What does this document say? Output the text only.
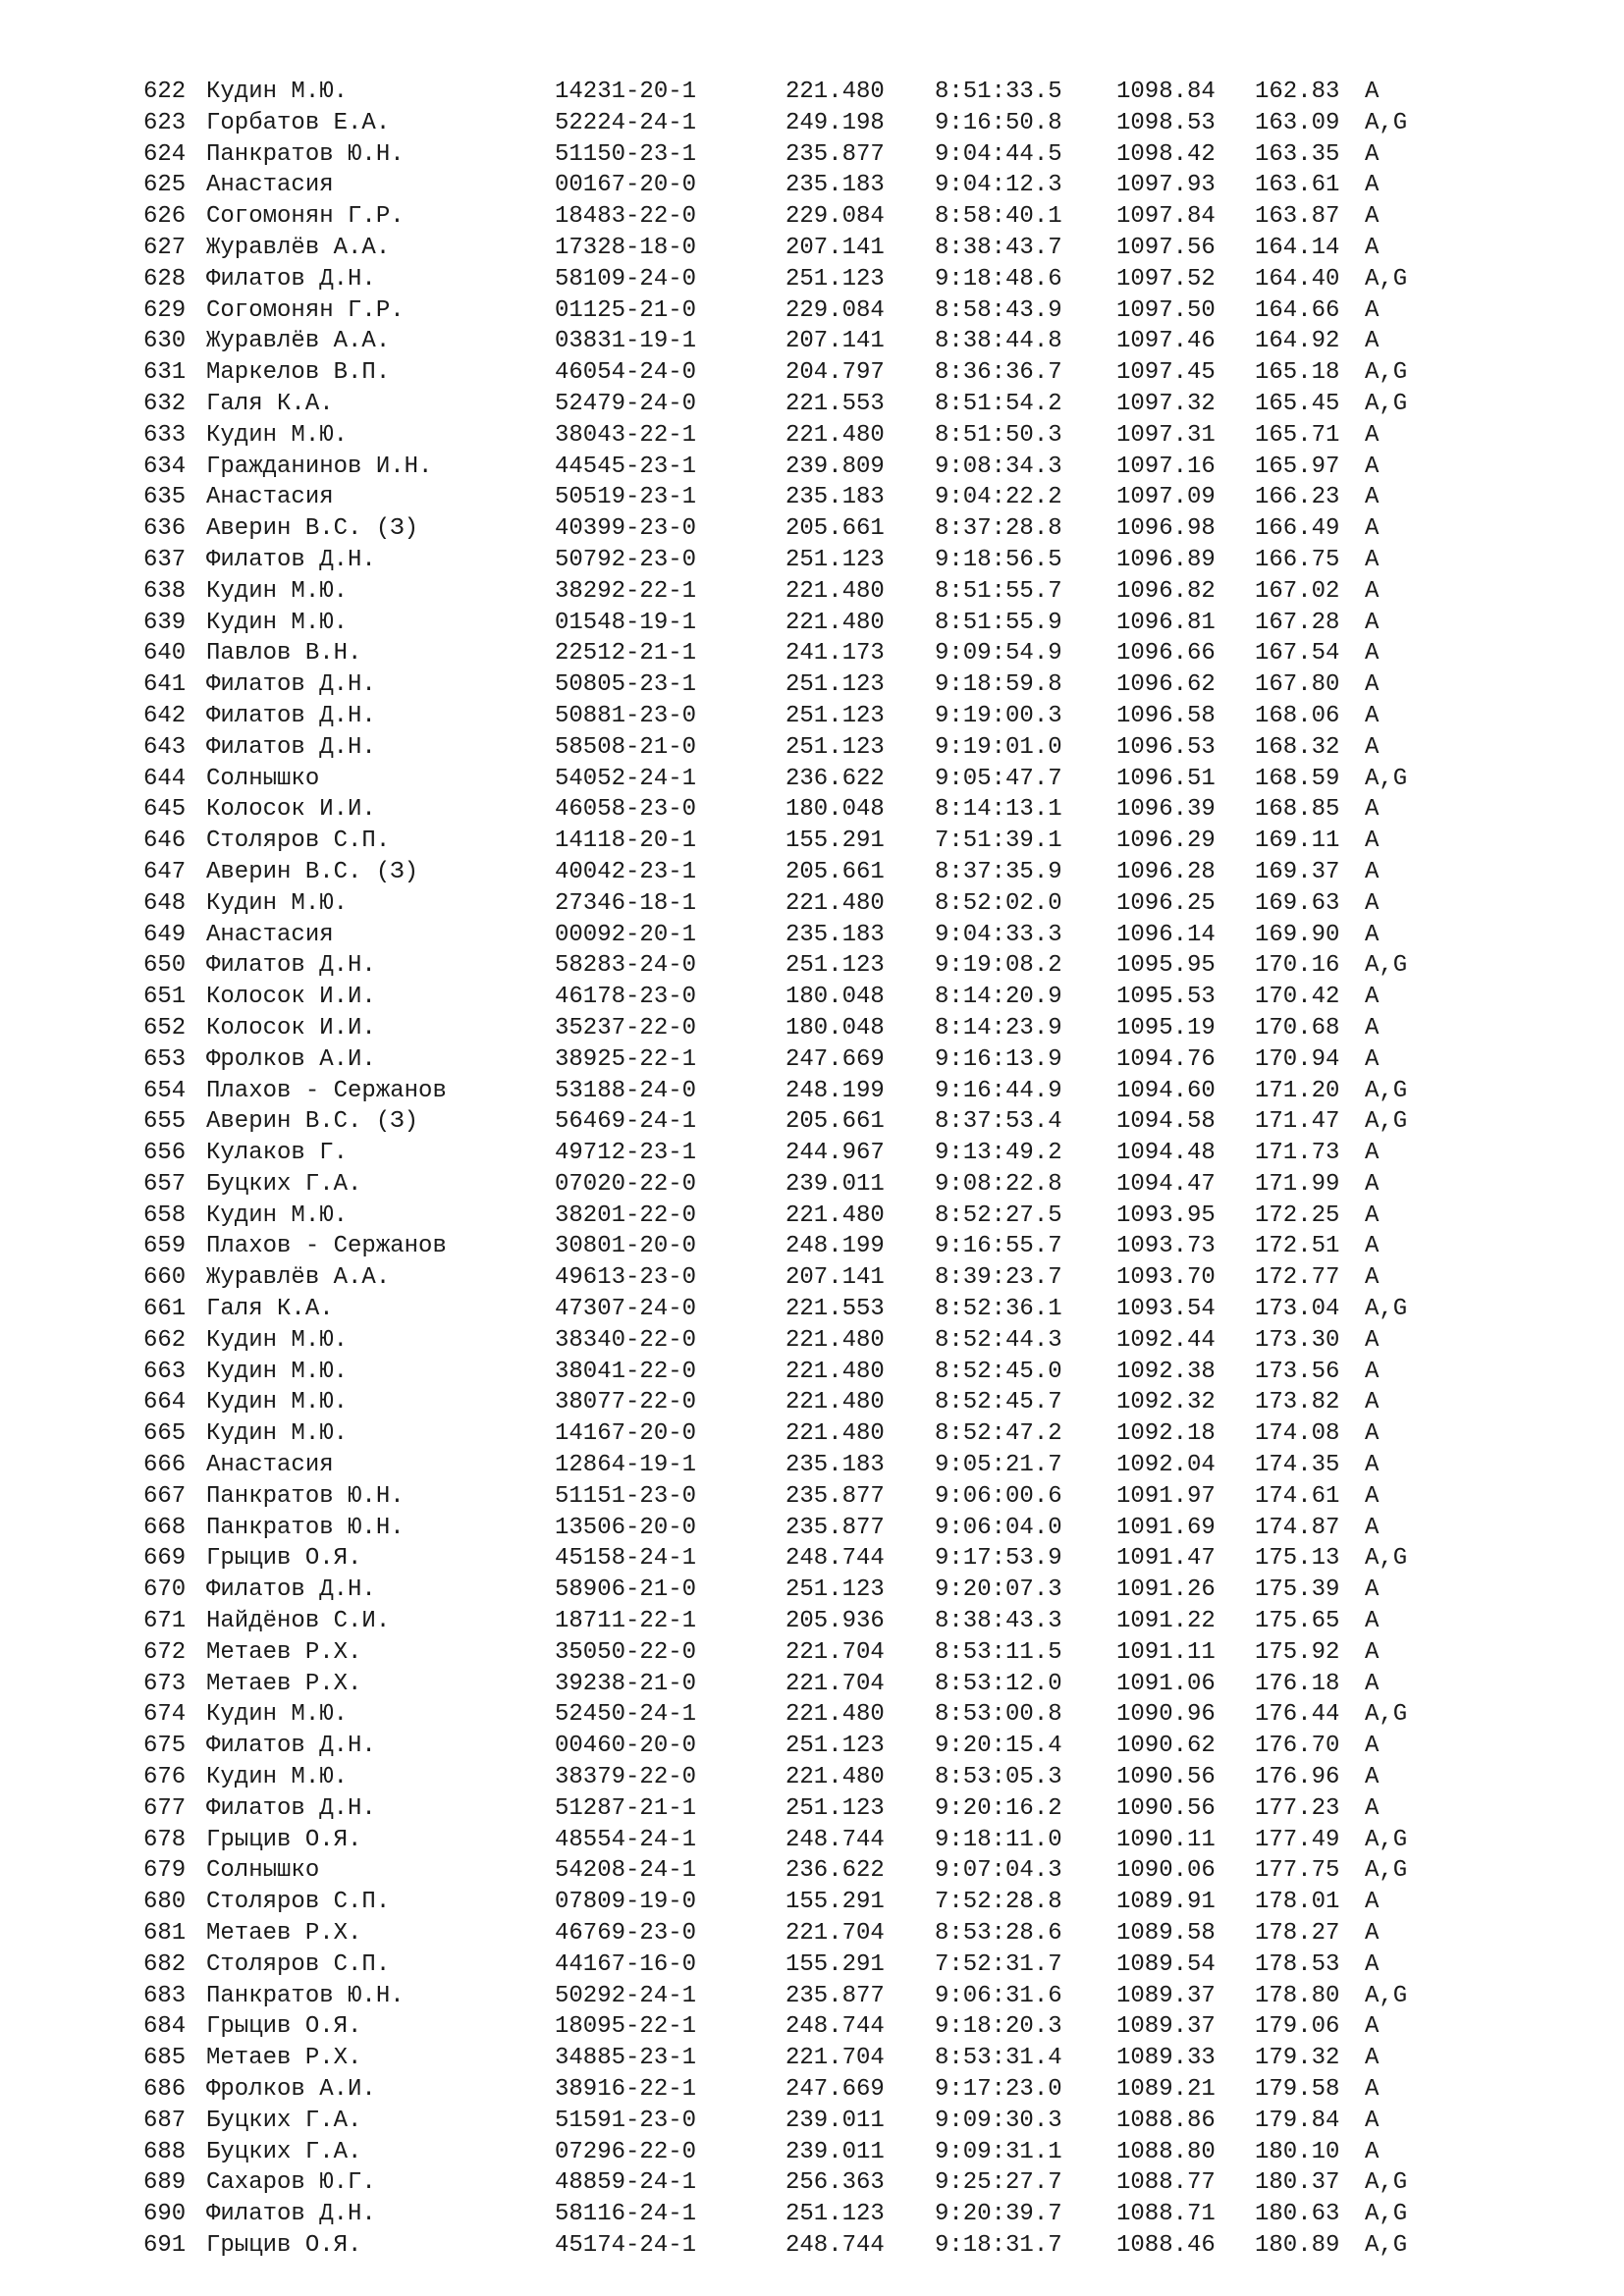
622 Кудин М.Ю.	14231-20-1	221.480 8:51:33.5 1098.84 162.83 A
623 Горбатов Е.А.	52224-24-1	249.198 9:16:50.8 1098.53 163.09 A,G
624 Панкратов Ю.Н.	51150-23-1	235.877 9:04:44.5 1098.42 163.35 A
625 Анастасия	00167-20-0	235.183 9:04:12.3 1097.93 163.61 A
626 Согомонян Г.Р.	18483-22-0	229.084 8:58:40.1 1097.84 163.87 A
627 Журавлёв А.А.	17328-18-0	207.141 8:38:43.7 1097.56 164.14 A
628 Филатов Д.Н.	58109-24-0	251.123 9:18:48.6 1097.52 164.40 A,G
629 Согомонян Г.Р.	01125-21-0	229.084 8:58:43.9 1097.50 164.66 A
630 Журавлёв А.А.	03831-19-1	207.141 8:38:44.8 1097.46 164.92 A
631 Маркелов В.П.	46054-24-0	204.797 8:36:36.7 1097.45 165.18 A,G
632 Галя К.А.	52479-24-0	221.553 8:51:54.2 1097.32 165.45 A,G
633 Кудин М.Ю.	38043-22-1	221.480 8:51:50.3 1097.31 165.71 A
634 Гражданинов И.Н.	44545-23-1	239.809 9:08:34.3 1097.16 165.97 A
635 Анастасия	50519-23-1	235.183 9:04:22.2 1097.09 166.23 A
636 Аверин В.С. (З)	40399-23-0	205.661 8:37:28.8 1096.98 166.49 A
637 Филатов Д.Н.	50792-23-0	251.123 9:18:56.5 1096.89 166.75 A
638 Кудин М.Ю.	38292-22-1	221.480 8:51:55.7 1096.82 167.02 A
639 Кудин М.Ю.	01548-19-1	221.480 8:51:55.9 1096.81 167.28 A
640 Павлов В.Н.	22512-21-1	241.173 9:09:54.9 1096.66 167.54 A
641 Филатов Д.Н.	50805-23-1	251.123 9:18:59.8 1096.62 167.80 A
642 Филатов Д.Н.	50881-23-0	251.123 9:19:00.3 1096.58 168.06 A
643 Филатов Д.Н.	58508-21-0	251.123 9:19:01.0 1096.53 168.32 A
644 Солнышко	54052-24-1	236.622 9:05:47.7 1096.51 168.59 A,G
645 Колосок И.И.	46058-23-0	180.048 8:14:13.1 1096.39 168.85 A
646 Столяров С.П.	14118-20-1	155.291 7:51:39.1 1096.29 169.11 A
647 Аверин В.С. (З)	40042-23-1	205.661 8:37:35.9 1096.28 169.37 A
648 Кудин М.Ю.	27346-18-1	221.480 8:52:02.0 1096.25 169.63 A
649 Анастасия	00092-20-1	235.183 9:04:33.3 1096.14 169.90 A
650 Филатов Д.Н.	58283-24-0	251.123 9:19:08.2 1095.95 170.16 A,G
651 Колосок И.И.	46178-23-0	180.048 8:14:20.9 1095.53 170.42 A
652 Колосок И.И.	35237-22-0	180.048 8:14:23.9 1095.19 170.68 A
653 Фролков А.И.	38925-22-1	247.669 9:16:13.9 1094.76 170.94 A
654 Плахов - Сержанов	53188-24-0	248.199 9:16:44.9 1094.60 171.20 A,G
655 Аверин В.С. (З)	56469-24-1	205.661 8:37:53.4 1094.58 171.47 A,G
656 Кулаков Г.	49712-23-1	244.967 9:13:49.2 1094.48 171.73 A
657 Буцких Г.А.	07020-22-0	239.011 9:08:22.8 1094.47 171.99 A
658 Кудин М.Ю.	38201-22-0	221.480 8:52:27.5 1093.95 172.25 A
659 Плахов - Сержанов	30801-20-0	248.199 9:16:55.7 1093.73 172.51 A
660 Журавлёв А.А.	49613-23-0	207.141 8:39:23.7 1093.70 172.77 A
661 Галя К.А.	47307-24-0	221.553 8:52:36.1 1093.54 173.04 A,G
662 Кудин М.Ю.	38340-22-0	221.480 8:52:44.3 1092.44 173.30 A
663 Кудин М.Ю.	38041-22-0	221.480 8:52:45.0 1092.38 173.56 A
664 Кудин М.Ю.	38077-22-0	221.480 8:52:45.7 1092.32 173.82 A
665 Кудин М.Ю.	14167-20-0	221.480 8:52:47.2 1092.18 174.08 A
666 Анастасия	12864-19-1	235.183 9:05:21.7 1092.04 174.35 A
667 Панкратов Ю.Н.	51151-23-0	235.877 9:06:00.6 1091.97 174.61 A
668 Панкратов Ю.Н.	13506-20-0	235.877 9:06:04.0 1091.69 174.87 A
669 Грыцив О.Я.	45158-24-1	248.744 9:17:53.9 1091.47 175.13 A,G
670 Филатов Д.Н.	58906-21-0	251.123 9:20:07.3 1091.26 175.39 A
671 Найдёнов С.И.	18711-22-1	205.936 8:38:43.3 1091.22 175.65 A
672 Метаев Р.Х.	35050-22-0	221.704 8:53:11.5 1091.11 175.92 A
673 Метаев Р.Х.	39238-21-0	221.704 8:53:12.0 1091.06 176.18 A
674 Кудин М.Ю.	52450-24-1	221.480 8:53:00.8 1090.96 176.44 A,G
675 Филатов Д.Н.	00460-20-0	251.123 9:20:15.4 1090.62 176.70 A
676 Кудин М.Ю.	38379-22-0	221.480 8:53:05.3 1090.56 176.96 A
677 Филатов Д.Н.	51287-21-1	251.123 9:20:16.2 1090.56 177.23 A
678 Грыцив О.Я.	48554-24-1	248.744 9:18:11.0 1090.11 177.49 A,G
679 Солнышко	54208-24-1	236.622 9:07:04.3 1090.06 177.75 A,G
680 Столяров С.П.	07809-19-0	155.291 7:52:28.8 1089.91 178.01 A
681 Метаев Р.Х.	46769-23-0	221.704 8:53:28.6 1089.58 178.27 A
682 Столяров С.П.	44167-16-0	155.291 7:52:31.7 1089.54 178.53 A
683 Панкратов Ю.Н.	50292-24-1	235.877 9:06:31.6 1089.37 178.80 A,G
684 Грыцив О.Я.	18095-22-1	248.744 9:18:20.3 1089.37 179.06 A
685 Метаев Р.Х.	34885-23-1	221.704 8:53:31.4 1089.33 179.32 A
686 Фролков А.И.	38916-22-1	247.669 9:17:23.0 1089.21 179.58 A
687 Буцких Г.А.	51591-23-0	239.011 9:09:30.3 1088.86 179.84 A
688 Буцких Г.А.	07296-22-0	239.011 9:09:31.1 1088.80 180.10 A
689 Сахаров Ю.Г.	48859-24-1	256.363 9:25:27.7 1088.77 180.37 A,G
690 Филатов Д.Н.	58116-24-1	251.123 9:20:39.7 1088.71 180.63 A,G
691 Грыцив О.Я.	45174-24-1	248.744 9:18:31.7 1088.46 180.89 A,G
